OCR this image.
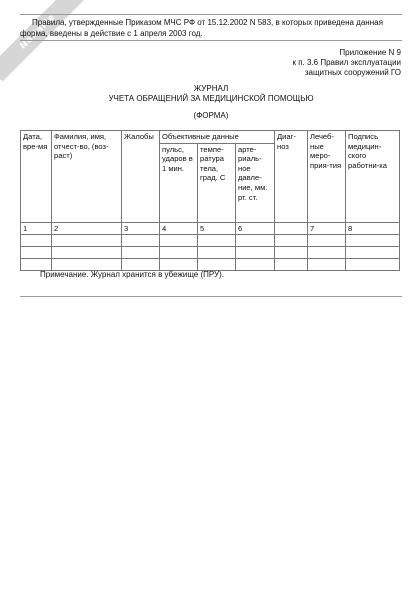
NoNaMe
Правила, утвержденные Приказом МЧС РФ от 15.12.2002 N 583, в которых приведена данная форма, введены в действие с 1 апреля 2003 год.
Приложение N 9
к п. 3.6 Правил эксплуатации
защитных сооружений ГО
ЖУРНАЛ
УЧЕТА ОБРАЩЕНИЙ ЗА МЕДИЦИНСКОЙ ПОМОЩЬЮ
(ФОРМА)
Дата, вре-мя	Фамилия, имя, отчест-во, (воз-раст)	Жалобы	Объективные данные			Диаг-ноз	Лечеб-ные меро-прия-тия	Подпись медицин-ского работни-ка
			пульс, ударов в 1 мин.	темпе-ратура тела, град. С	арте-риаль-ное давле-ние, мм. рт. ст.			
1	2	3	4	5	6		7	8

Примечание. Журнал хранится в убежище (ПРУ).
